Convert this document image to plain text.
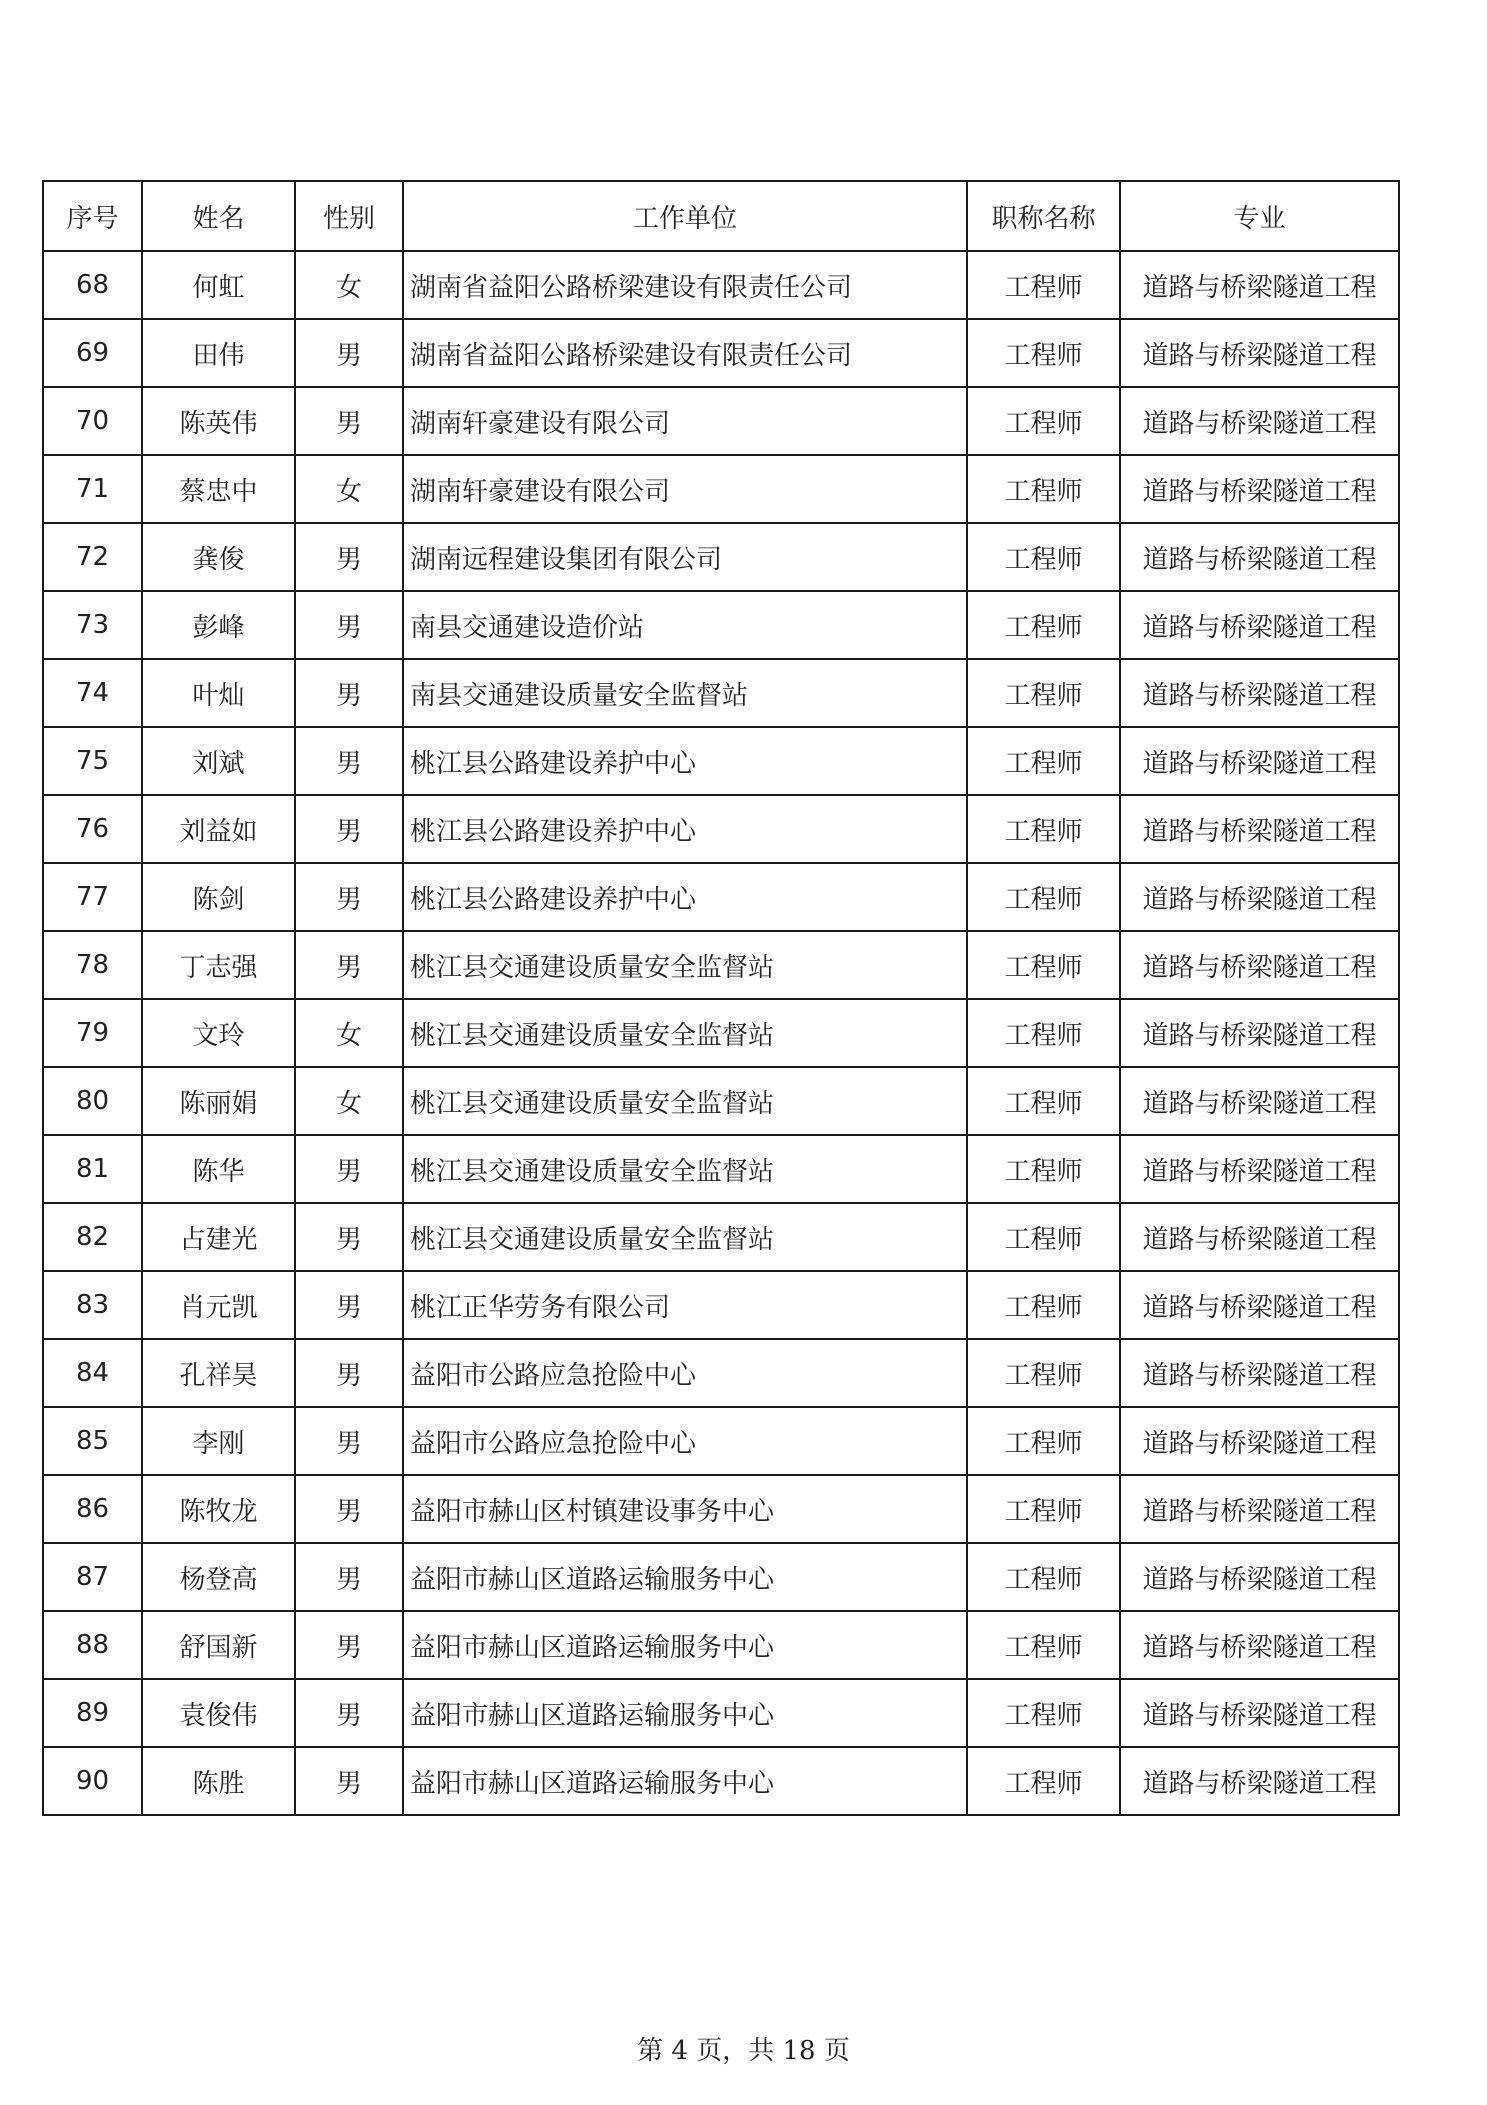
序号	姓名	性别	工作单位	职称名称	专业
68	何虹	女	湖南省益阳公路桥梁建设有限责任公司	工程师	道路与桥梁隧道工程
69	田伟	男	湖南省益阳公路桥梁建设有限责任公司	工程师	道路与桥梁隧道工程
70	陈英伟	男	湖南轩豪建设有限公司	工程师	道路与桥梁隧道工程
71	蔡忠中	女	湖南轩豪建设有限公司	工程师	道路与桥梁隧道工程
72	龚俊	男	湖南远程建设集团有限公司	工程师	道路与桥梁隧道工程
73	彭峰	男	南县交通建设造价站	工程师	道路与桥梁隧道工程
74	叶灿	男	南县交通建设质量安全监督站	工程师	道路与桥梁隧道工程
75	刘斌	男	桃江县公路建设养护中心	工程师	道路与桥梁隧道工程
76	刘益如	男	桃江县公路建设养护中心	工程师	道路与桥梁隧道工程
77	陈剑	男	桃江县公路建设养护中心	工程师	道路与桥梁隧道工程
78	丁志强	男	桃江县交通建设质量安全监督站	工程师	道路与桥梁隧道工程
79	文玲	女	桃江县交通建设质量安全监督站	工程师	道路与桥梁隧道工程
80	陈丽娟	女	桃江县交通建设质量安全监督站	工程师	道路与桥梁隧道工程
81	陈华	男	桃江县交通建设质量安全监督站	工程师	道路与桥梁隧道工程
82	占建光	男	桃江县交通建设质量安全监督站	工程师	道路与桥梁隧道工程
83	肖元凯	男	桃江正华劳务有限公司	工程师	道路与桥梁隧道工程
84	孔祥昊	男	益阳市公路应急抢险中心	工程师	道路与桥梁隧道工程
85	李刚	男	益阳市公路应急抢险中心	工程师	道路与桥梁隧道工程
86	陈牧龙	男	益阳市赫山区村镇建设事务中心	工程师	道路与桥梁隧道工程
87	杨登高	男	益阳市赫山区道路运输服务中心	工程师	道路与桥梁隧道工程
88	舒国新	男	益阳市赫山区道路运输服务中心	工程师	道路与桥梁隧道工程
89	袁俊伟	男	益阳市赫山区道路运输服务中心	工程师	道路与桥梁隧道工程
90	陈胜	男	益阳市赫山区道路运输服务中心	工程师	道路与桥梁隧道工程
第 4 页，共 18 页
